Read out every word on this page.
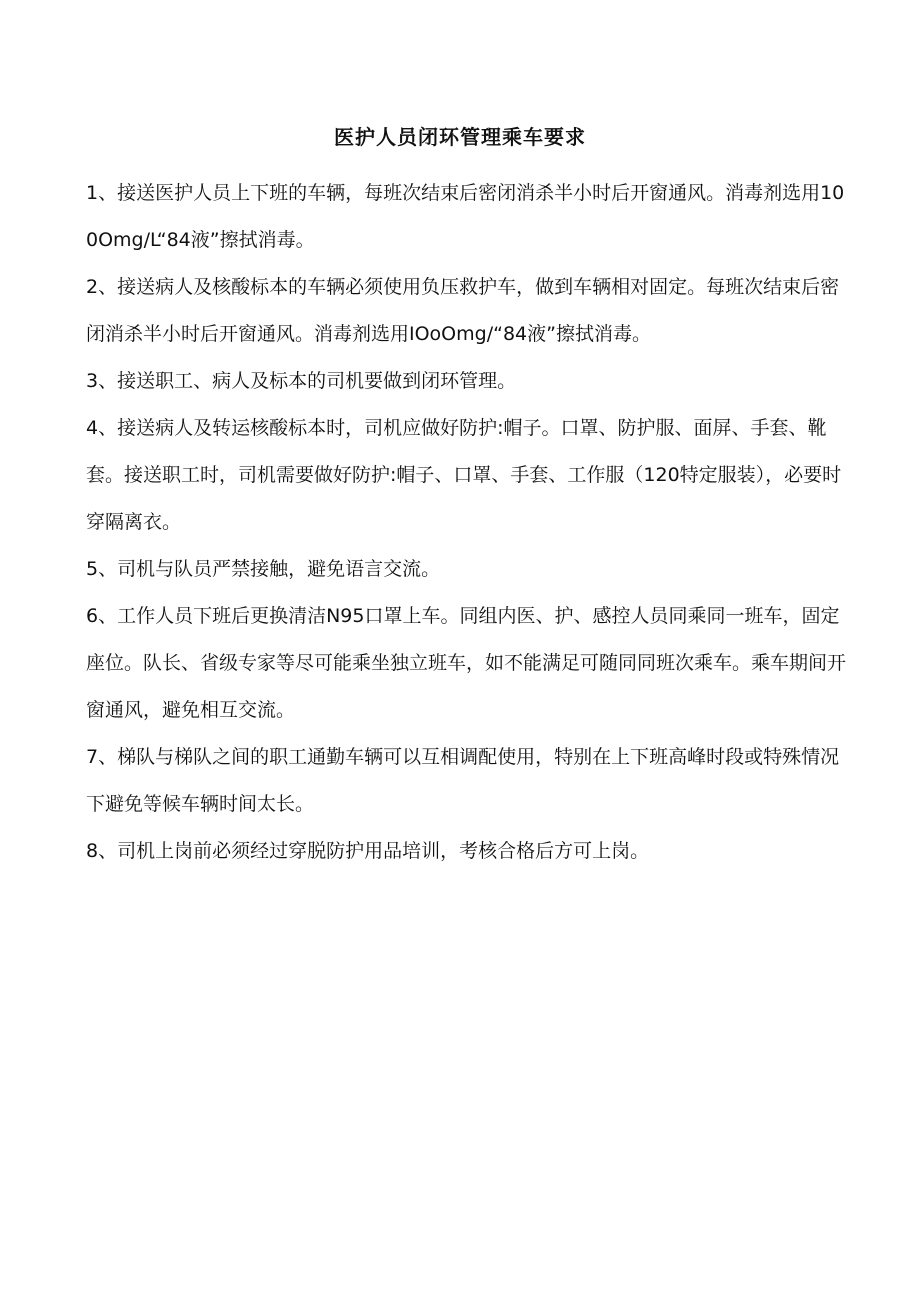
医护人员闭环管理乘车要求

1、接送医护人员上下班的车辆，每班次结束后密闭消杀半小时后开窗通风。消毒剂选用100Omg/L“84液”擦拭消毒。

2、接送病人及核酸标本的车辆必须使用负压救护车，做到车辆相对固定。每班次结束后密闭消杀半小时后开窗通风。消毒剂选用IOoOmg/“84液”擦拭消毒。

3、接送职工、病人及标本的司机要做到闭环管理。

4、接送病人及转运核酸标本时，司机应做好防护:帽子。口罩、防护服、面屏、手套、靴套。接送职工时，司机需要做好防护:帽子、口罩、手套、工作服（120特定服装），必要时穿隔离衣。

5、司机与队员严禁接触，避免语言交流。

6、工作人员下班后更换清洁N95口罩上车。同组内医、护、感控人员同乘同一班车，固定座位。队长、省级专家等尽可能乘坐独立班车，如不能满足可随同同班次乘车。乘车期间开窗通风，避免相互交流。

7、梯队与梯队之间的职工通勤车辆可以互相调配使用，特别在上下班高峰时段或特殊情况下避免等候车辆时间太长。

8、司机上岗前必须经过穿脱防护用品培训，考核合格后方可上岗。
